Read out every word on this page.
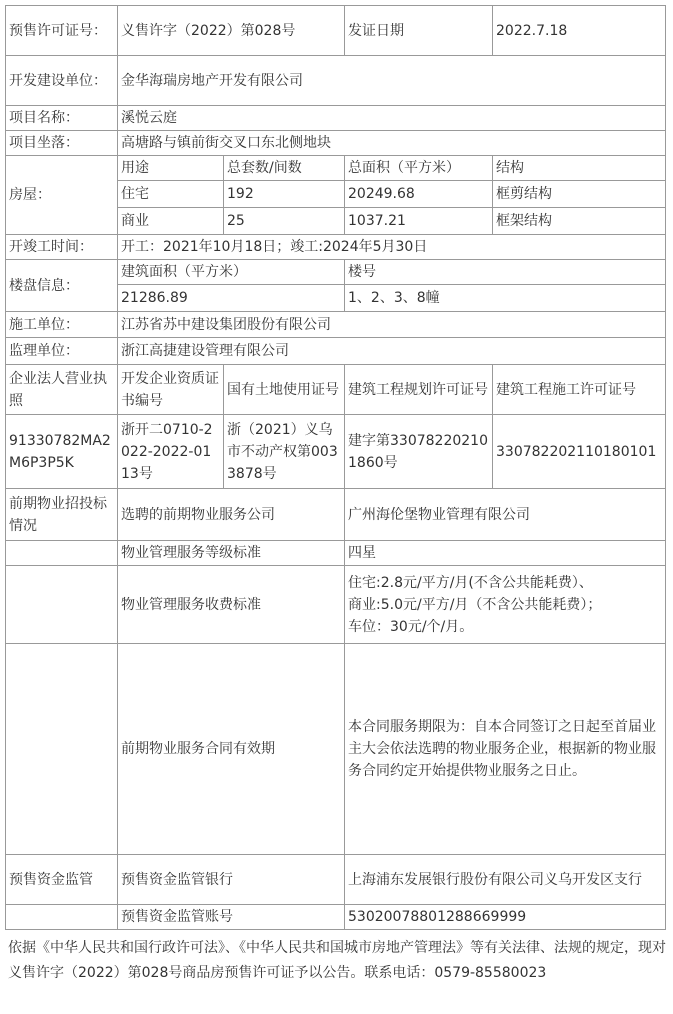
预售许可证号：	义售许字（2022）第028号		发证日期	2022.7.18
开发建设单位：	金华海瑞房地产开发有限公司			
项目名称：	溪悦云庭			
项目坐落：	高塘路与镇前街交叉口东北侧地块			
房屋：	用途	总套数/间数	总面积（平方米）	结构
	住宅	192	20249.68	框剪结构
	商业	25	1037.21	框架结构
开竣工时间：	开工：2021年10月18日；竣工:2024年5月30日			
楼盘信息：	建筑面积（平方米）		楼号	
	21286.89		1、2、3、8幢	
施工单位：	江苏省苏中建设集团股份有限公司			
监理单位：	浙江高捷建设管理有限公司			
企业法人营业执照	开发企业资质证书编号	国有土地使用证号	建筑工程规划许可证号	建筑工程施工许可证号
91330782MA2M6P3P5K	浙开二0710-2022-2022-0113号	浙（2021）义乌市不动产权第0033878号	建字第330782202101860号	330782202110180101
前期物业招投标情况	选聘的前期物业服务公司		广州海伦堡物业管理有限公司	
	物业管理服务等级标准		四星	
	物业管理服务收费标准		住宅:2.8元/平方/月(不含公共能耗费）、
商业:5.0元/平方/月（不含公共能耗费）；
车位：30元/个/月。	

	前期物业服务合同有效期		本合同服务期限为：自本合同签订之日起至首届业主大会依法选聘的物业服务企业，根据新的物业服务合同约定开始提供物业服务之日止。	
预售资金监管	预售资金监管银行		上海浦东发展银行股份有限公司义乌开发区支行	
	预售资金监管账号		53020078801288669999	
依据《中华人民共和国行政许可法》、《中华人民共和国城市房地产管理法》等有关法律、法规的规定，现对义售许字（2022）第028号商品房预售许可证予以公告。联系电话：0579-85580023
